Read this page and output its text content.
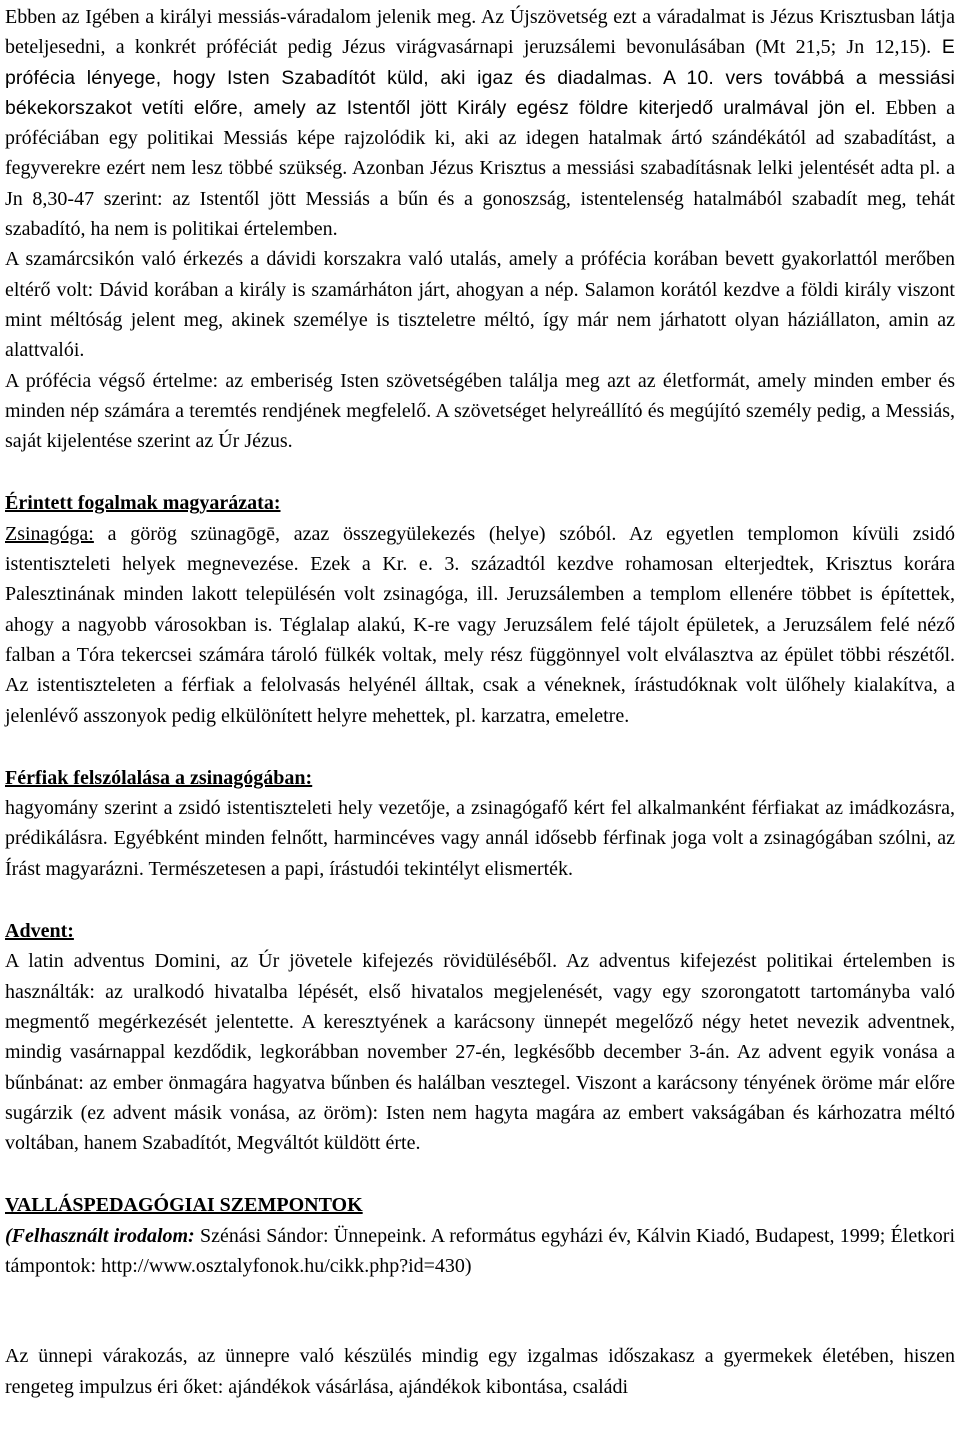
Ebben az Igében a királyi messiás-váradalom jelenik meg. Az Újszövetség ezt a váradalmat is Jézus Krisztusban látja beteljesedni, a konkrét próféciát pedig Jézus virágvasárnapi jeruzsálemi bevonulásában (Mt 21,5; Jn 12,15). E prófécia lényege, hogy Isten Szabadítót küld, aki igaz és diadalmas. A 10. vers továbbá a messiási békekorszakot vetíti előre, amely az Istentől jött Király egész földre kiterjedő uralmával jön el. Ebben a próféciában egy politikai Messiás képe rajzolódik ki, aki az idegen hatalmak ártó szándékától ad szabadítást, a fegyverekre ezért nem lesz többé szükség. Azonban Jézus Krisztus a messiási szabadításnak lelki jelentését adta pl. a Jn 8,30-47 szerint: az Istentől jött Messiás a bűn és a gonoszság, istentelenség hatalmából szabadít meg, tehát szabadító, ha nem is politikai értelemben.

A szamárcsikón való érkezés a dávidi korszakra való utalás, amely a prófécia korában bevett gyakorlattól merőben eltérő volt: Dávid korában a király is szamárháton járt, ahogyan a nép. Salamon korától kezdve a földi király viszont mint méltóság jelent meg, akinek személye is tiszteletre méltó, így már nem járhatott olyan háziállaton, amin az alattvalói.

A prófécia végső értelme: az emberiség Isten szövetségében találja meg azt az életformát, amely minden ember és minden nép számára a teremtés rendjének megfelelő. A szövetséget helyreállító és megújító személy pedig, a Messiás, saját kijelentése szerint az Úr Jézus.

Érintett fogalmak magyarázata:

Zsinagóga: a görög szünagōgē, azaz összegyülekezés (helye) szóból. Az egyetlen templomon kívüli zsidó istentiszteleti helyek megnevezése. Ezek a Kr. e. 3. századtól kezdve rohamosan elterjedtek, Krisztus korára Palesztinának minden lakott településén volt zsinagóga, ill. Jeruzsálemben a templom ellenére többet is építettek, ahogy a nagyobb városokban is. Téglalap alakú, K-re vagy Jeruzsálem felé tájolt épületek, a Jeruzsálem felé néző falban a Tóra tekercsei számára tároló fülkék voltak, mely rész függönnyel volt elválasztva az épület többi részétől. Az istentiszteleten a férfiak a felolvasás helyénél álltak, csak a véneknek, írástudóknak volt ülőhely kialakítva, a jelenlévő asszonyok pedig elkülönített helyre mehettek, pl. karzatra, emeletre.

Férfiak felszólalása a zsinagógában:

hagyomány szerint a zsidó istentiszteleti hely vezetője, a zsinagógafő kért fel alkalmanként férfiakat az imádkozásra, prédikálásra. Egyébként minden felnőtt, harmincéves vagy annál idősebb férfinak joga volt a zsinagógában szólni, az Írást magyarázni. Természetesen a papi, írástudói tekintélyt elismerték.

Advent:

A latin adventus Domini, az Úr jövetele kifejezés rövidüléséből. Az adventus kifejezést politikai értelemben is használták: az uralkodó hivatalba lépését, első hivatalos megjelenését, vagy egy szorongatott tartományba való megmentő megérkezését jelentette. A keresztyének a karácsony ünnepét megelőző négy hetet nevezik adventnek, mindig vasárnappal kezdődik, legkorábban november 27-én, legkésőbb december 3-án. Az advent egyik vonása a bűnbánat: az ember önmagára hagyatva bűnben és halálban vesztegel. Viszont a karácsony tényének öröme már előre sugárzik (ez advent másik vonása, az öröm): Isten nem hagyta magára az embert vakságában és kárhozatra méltó voltában, hanem Szabadítót, Megváltót küldött érte.

VALLÁSPEDAGÓGIAI SZEMPONTOK

(Felhasznált irodalom: Szénási Sándor: Ünnepeink. A református egyházi év, Kálvin Kiadó, Budapest, 1999; Életkori támpontok: http://www.osztalyfonok.hu/cikk.php?id=430)

Az ünnepi várakozás, az ünnepre való készülés mindig egy izgalmas időszakasz a gyermekek életében, hiszen rengeteg impulzus éri őket: ajándékok vásárlása, ajándékok kibontása, családi
